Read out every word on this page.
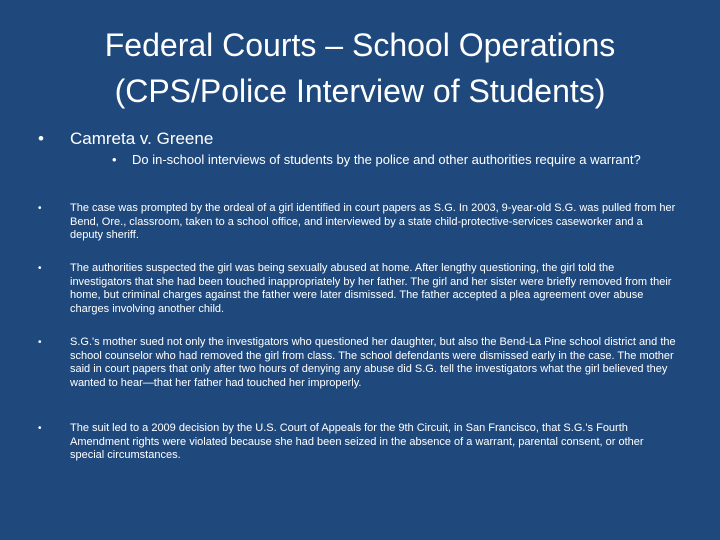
Federal Courts – School Operations
(CPS/Police Interview of Students)
• Camreta v. Greene
• Do in-school interviews of students by the police and other authorities require a warrant?
•	The case was prompted by the ordeal of a girl identified in court papers as S.G. In 2003, 9-year-old S.G. was pulled from her Bend, Ore., classroom, taken to a school office, and interviewed by a state child-protective-services caseworker and a deputy sheriff.
•	The authorities suspected the girl was being sexually abused at home. After lengthy questioning, the girl told the investigators that she had been touched inappropriately by her father. The girl and her sister were briefly removed from their home, but criminal charges against the father were later dismissed. The father accepted a plea agreement over abuse charges involving another child.
•	S.G.'s mother sued not only the investigators who questioned her daughter, but also the Bend-La Pine school district and the school counselor who had removed the girl from class. The school defendants were dismissed early in the case. The mother said in court papers that only after two hours of denying any abuse did S.G. tell the investigators what the girl believed they wanted to hear—that her father had touched her improperly.
•	The suit led to a 2009 decision by the U.S. Court of Appeals for the 9th Circuit, in San Francisco, that S.G.'s Fourth Amendment rights were violated because she had been seized in the absence of a warrant, parental consent, or other special circumstances.
